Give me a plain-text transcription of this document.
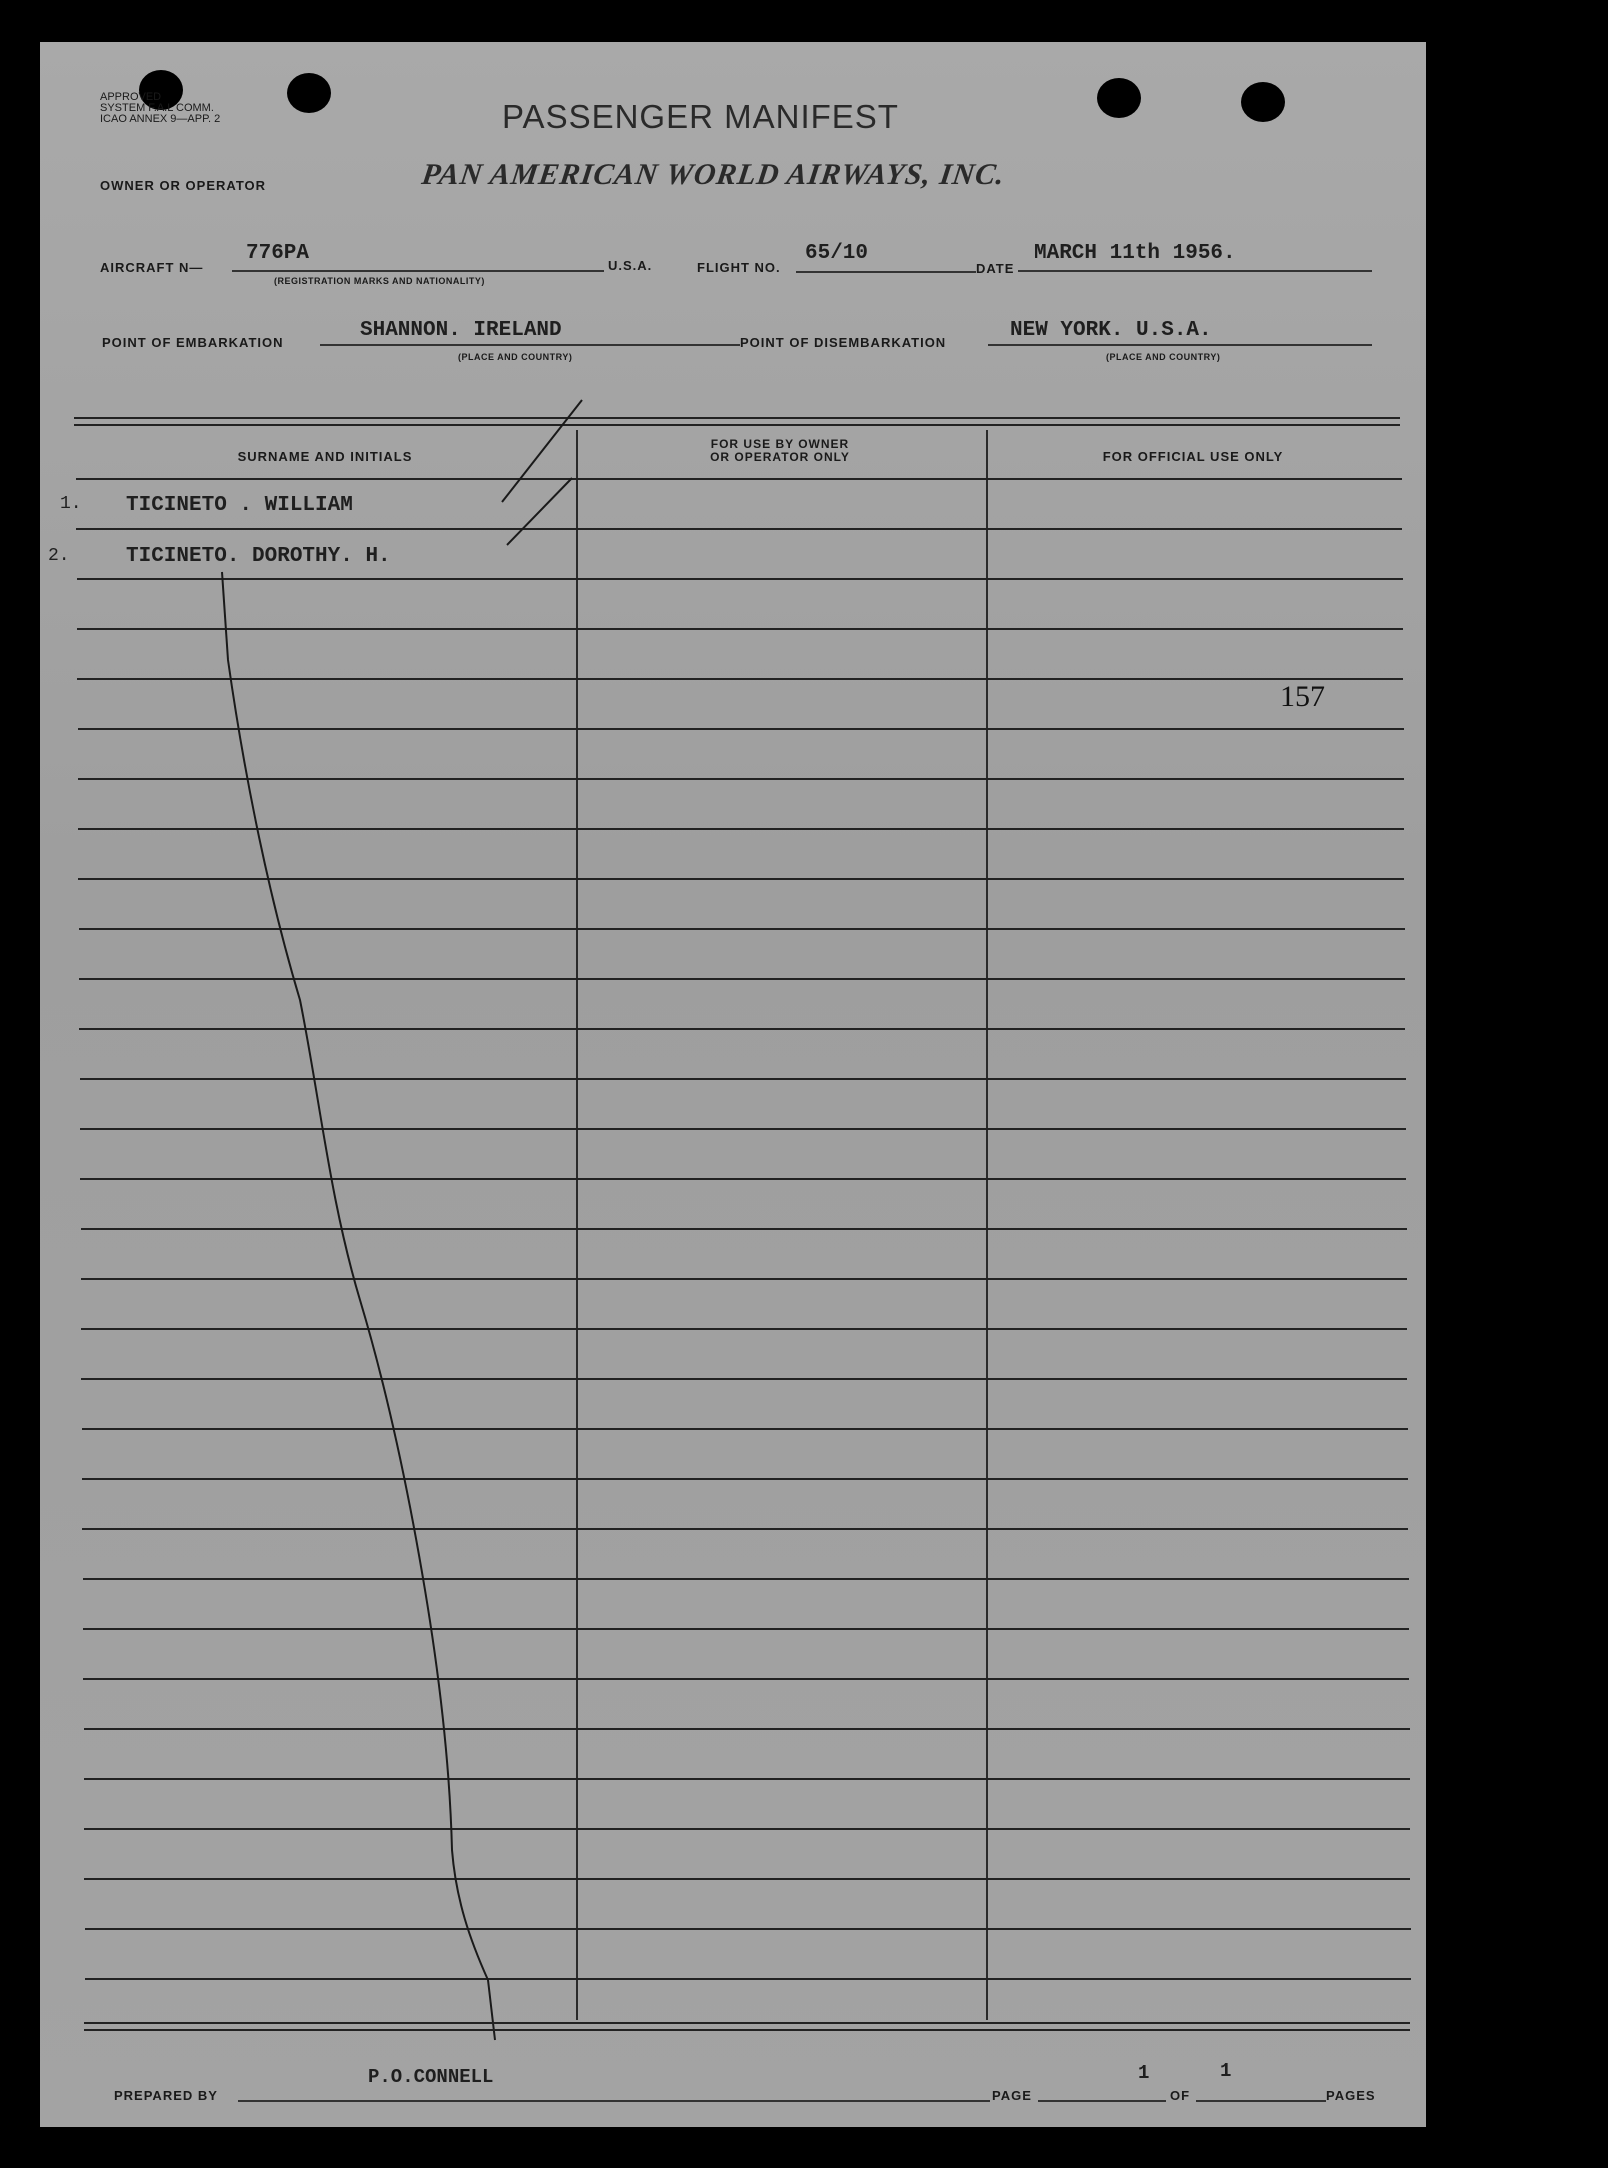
APPROVED
SYSTEM F.A.L COMM.
ICAO ANNEX 9—APP. 2	PASSENGER MANIFEST
OWNER OR OPERATOR	PAN AMERICAN WORLD AIRWAYS, INC.
AIRCRAFT N—
776PA
(REGISTRATION MARKS AND NATIONALITY)
U.S.A.	FLIGHT NO.
65/10
DATE
MARCH 11th 1956.
POINT OF EMBARKATION
SHANNON. IRELAND
(PLACE AND COUNTRY)
POINT OF DISEMBARKATION
NEW YORK. U.S.A.
(PLACE AND COUNTRY)
SURNAME AND INITIALS
FOR USE BY OWNER
OR OPERATOR ONLY	FOR OFFICIAL USE ONLY
1. TICINETO . WILLIAM
2.	TICINETO. DOROTHY. H.
157
PREPARED BY
P.O.CONNELL
PAGE
1
OF
1
PAGES
